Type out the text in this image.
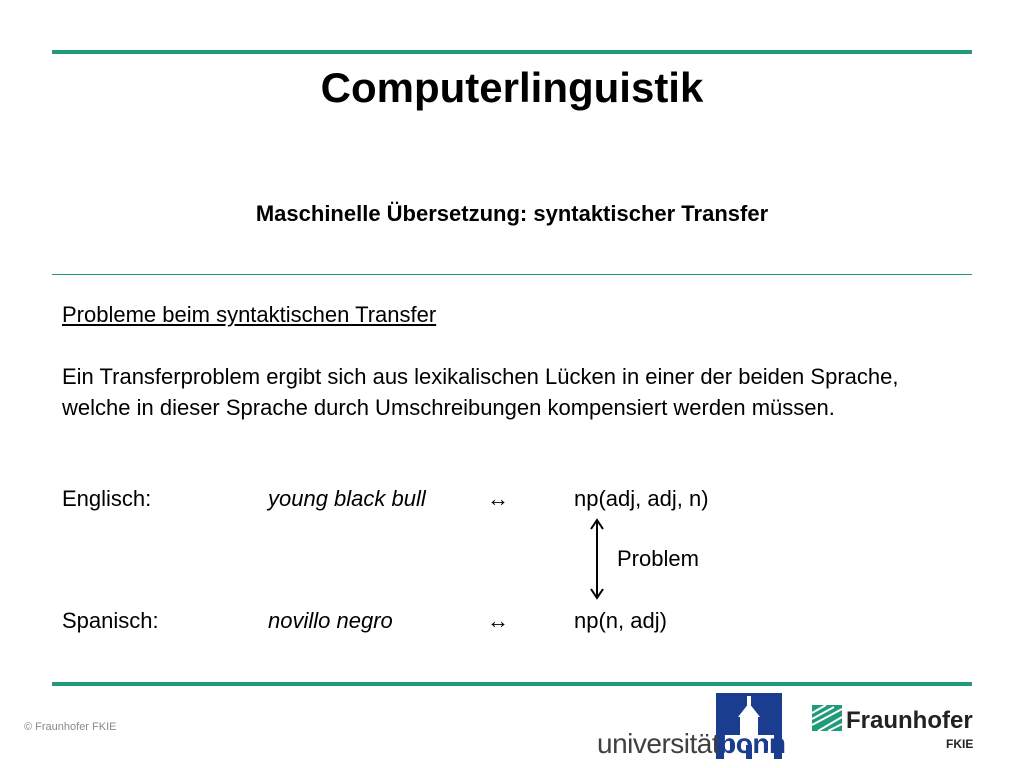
Computerlinguistik
Maschinelle Übersetzung: syntaktischer Transfer
Probleme beim syntaktischen Transfer
Ein Transferproblem ergibt sich aus lexikalischen Lücken in einer der beiden Sprache, welche in dieser Sprache durch Umschreibungen kompensiert werden müssen.
Englisch:	young black bull	↔	np(adj, adj, n)
Problem
Spanisch:	novillo negro	↔	np(n, adj)
© Fraunhofer FKIE
universitätbonn
Fraunhofer
FKIE
